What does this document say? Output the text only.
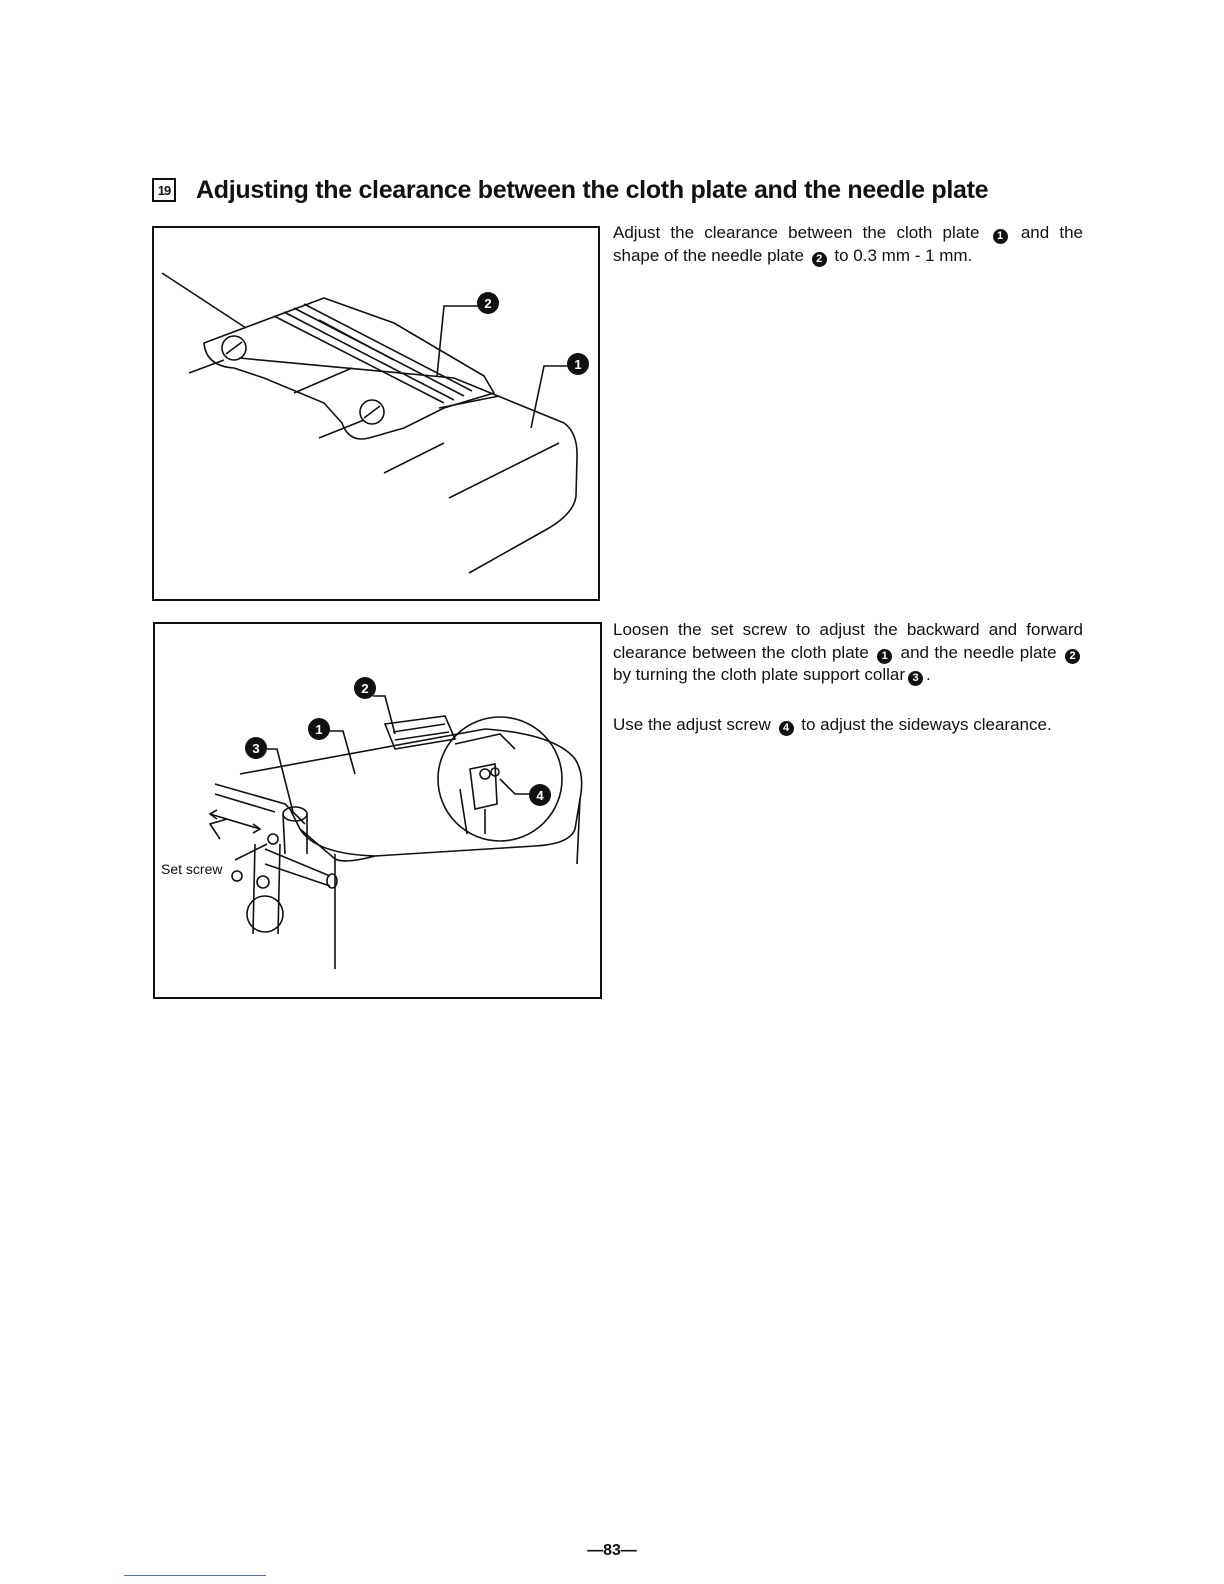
19 Adjusting the clearance between the cloth plate and the needle plate
2
1
Adjust the clearance between the cloth plate 1 and the shape of the needle plate 2 to 0.3 mm - 1 mm.
2
1
3
4
Set screw
Loosen the set screw to adjust the backward and forward clearance between the cloth plate 1 and the needle plate 2 by turning the cloth plate support collar 3 .
Use the adjust screw 4 to adjust the sideways clearance.
—83—
